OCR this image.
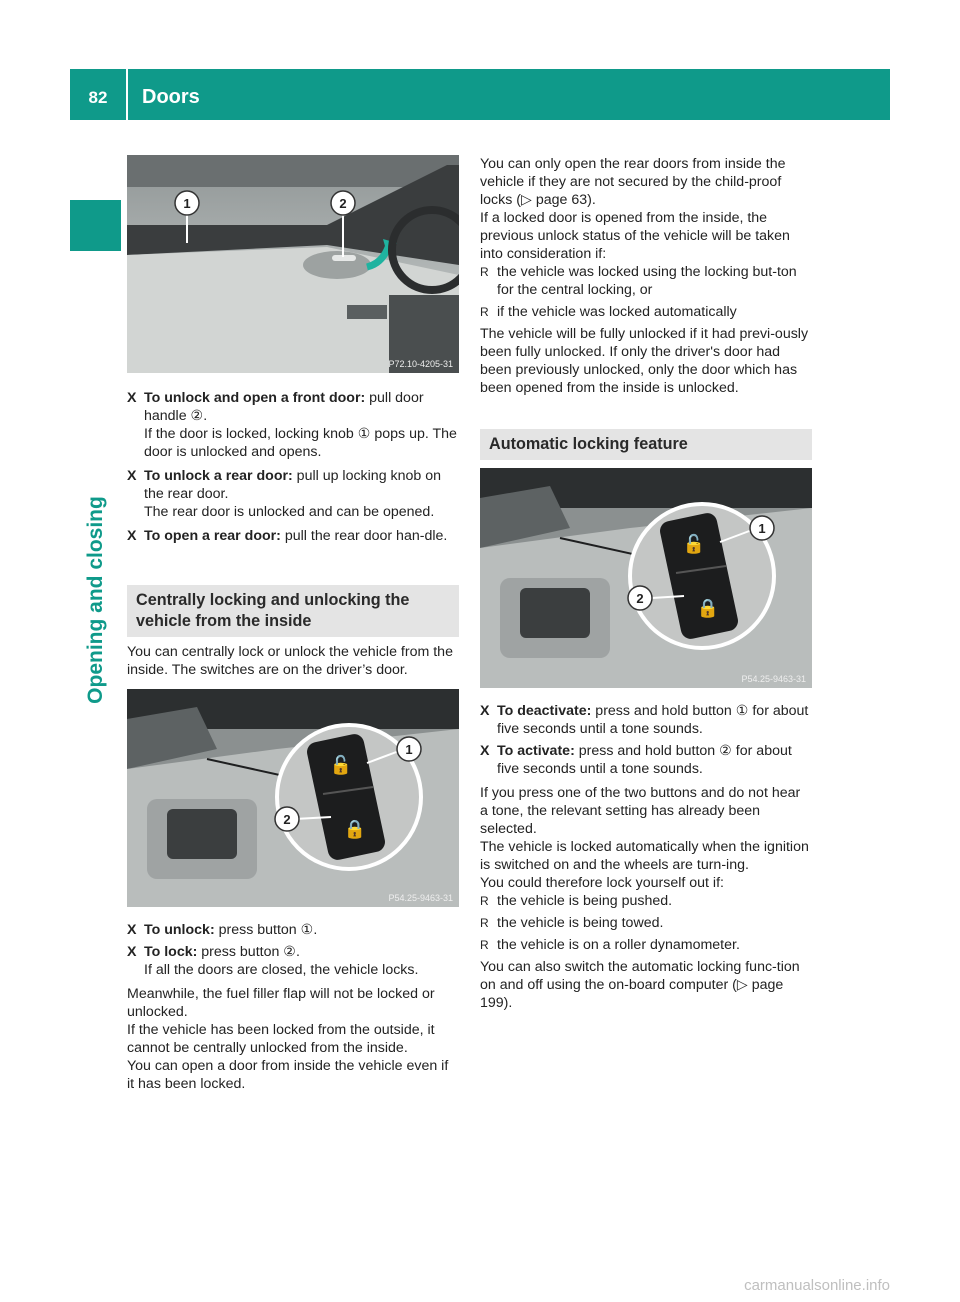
82	Doors
Opening and closing
1	2
P72.10-4205-31
X To unlock and open a front door: pull door handle ②.

If the door is locked, locking knob ① pops up. The door is unlocked and opens.

X To unlock a rear door: pull up locking knob on the rear door.

The rear door is unlocked and can be opened.

X To open a rear door: pull the rear door han-dle.
Centrally locking and unlocking the vehicle from the inside

You can centrally lock or unlock the vehicle from the inside. The switches are on the driver’s door.

🔓
🔒
1
2
P54.25-9463-31
X To unlock: press button ①.
X To lock: press button ②.

If all the doors are closed, the vehicle locks.

Meanwhile, the fuel filler flap will not be locked or unlocked.

If the vehicle has been locked from the outside, it cannot be centrally unlocked from the inside.

You can open a door from inside the vehicle even if it has been locked.

You can only open the rear doors from inside the vehicle if they are not secured by the child-proof locks (▷ page 63).

If a locked door is opened from the inside, the previous unlock status of the vehicle will be taken into consideration if:

R the vehicle was locked using the locking but-ton for the central locking, or
R if the vehicle was locked automatically

The vehicle will be fully unlocked if it had previ-ously been fully unlocked. If only the driver's door had been previously unlocked, only the door which has been opened from the inside is unlocked.

Automatic locking feature
🔓
🔒
1
2
P54.25-9463-31
X To deactivate: press and hold button ① for about five seconds until a tone sounds.
X To activate: press and hold button ② for about five seconds until a tone sounds.

If you press one of the two buttons and do not hear a tone, the relevant setting has already been selected.

The vehicle is locked automatically when the ignition is switched on and the wheels are turn-ing.

You could therefore lock yourself out if:

R the vehicle is being pushed.
R the vehicle is being towed.
R the vehicle is on a roller dynamometer.

You can also switch the automatic locking func-tion on and off using the on-board computer (▷ page 199).

carmanualsonline.info
